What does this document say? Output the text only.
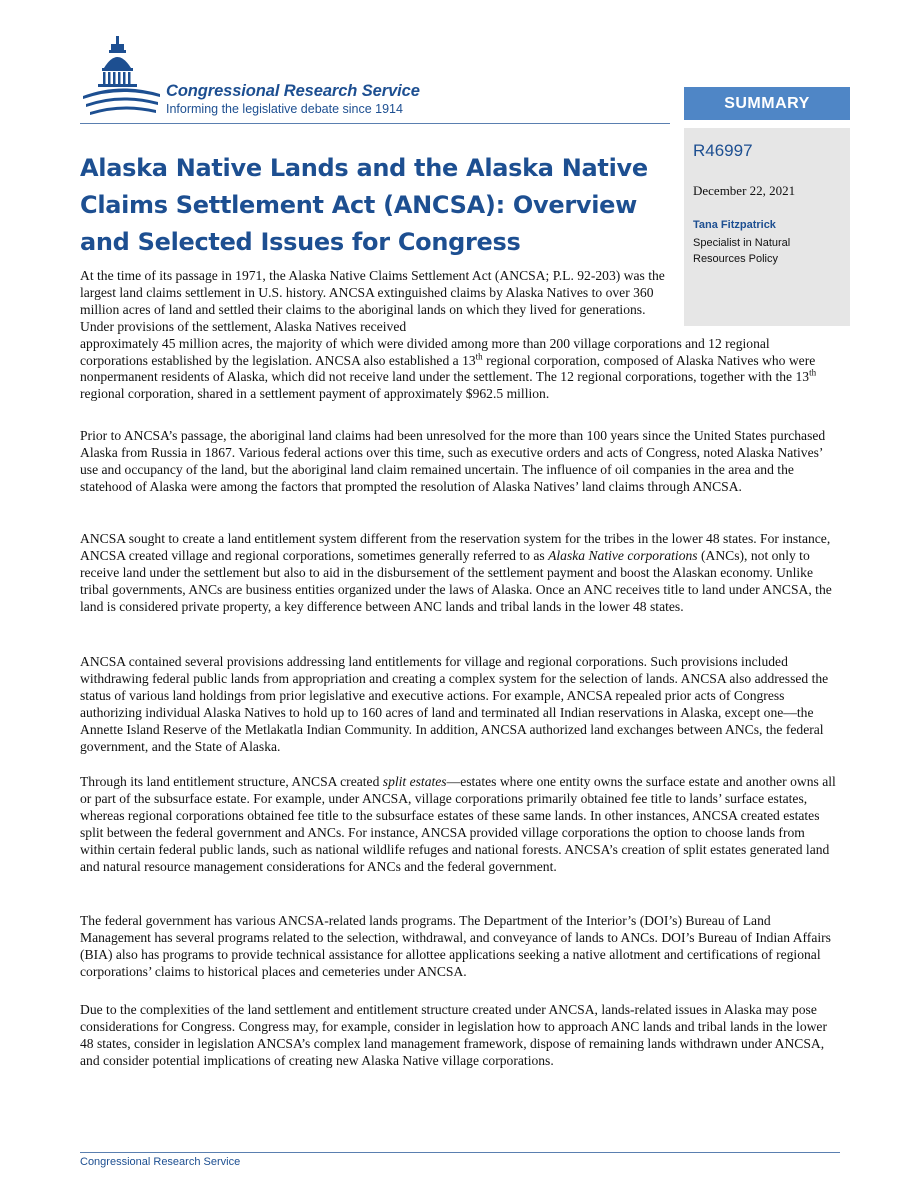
Congressional Research Service
Informing the legislative debate since 1914	SUMMARY
R46997
December 22, 2021
Tana Fitzpatrick
Specialist in Natural Resources Policy
Alaska Native Lands and the Alaska Native Claims Settlement Act (ANCSA): Overview and Selected Issues for Congress

At the time of its passage in 1971, the Alaska Native Claims Settlement Act (ANCSA; P.L. 92-203) was the largest land claims settlement in U.S. history. ANCSA extinguished claims by Alaska Natives to over 360 million acres of land and settled their claims to the aboriginal lands on which they lived for generations. Under provisions of the settlement, Alaska Natives received
approximately 45 million acres, the majority of which were divided among more than 200 village corporations and 12 regional corporations established by the legislation. ANCSA also established a 13th regional corporation, composed of Alaska Natives who were nonpermanent residents of Alaska, which did not receive land under the settlement. The 12 regional corporations, together with the 13th regional corporation, shared in a settlement payment of approximately $962.5 million.

Prior to ANCSA’s passage, the aboriginal land claims had been unresolved for the more than 100 years since the United States purchased Alaska from Russia in 1867. Various federal actions over this time, such as executive orders and acts of Congress, noted Alaska Natives’ use and occupancy of the land, but the aboriginal land claim remained uncertain. The influence of oil companies in the area and the statehood of Alaska were among the factors that prompted the resolution of Alaska Natives’ land claims through ANCSA.

ANCSA sought to create a land entitlement system different from the reservation system for the tribes in the lower 48 states. For instance, ANCSA created village and regional corporations, sometimes generally referred to as Alaska Native corporations (ANCs), not only to receive land under the settlement but also to aid in the disbursement of the settlement payment and boost the Alaskan economy. Unlike tribal governments, ANCs are business entities organized under the laws of Alaska. Once an ANC receives title to land under ANCSA, the land is considered private property, a key difference between ANC lands and tribal lands in the lower 48 states.

ANCSA contained several provisions addressing land entitlements for village and regional corporations. Such provisions included withdrawing federal public lands from appropriation and creating a complex system for the selection of lands. ANCSA also addressed the status of various land holdings from prior legislative and executive actions. For example, ANCSA repealed prior acts of Congress authorizing individual Alaska Natives to hold up to 160 acres of land and terminated all Indian reservations in Alaska, except one—the Annette Island Reserve of the Metlakatla Indian Community. In addition, ANCSA authorized land exchanges between ANCs, the federal government, and the State of Alaska.

Through its land entitlement structure, ANCSA created split estates—estates where one entity owns the surface estate and another owns all or part of the subsurface estate. For example, under ANCSA, village corporations primarily obtained fee title to lands’ surface estates, whereas regional corporations obtained fee title to the subsurface estates of these same lands. In other instances, ANCSA created estates split between the federal government and ANCs. For instance, ANCSA provided village corporations the option to choose lands from within certain federal public lands, such as national wildlife refuges and national forests. ANCSA’s creation of split estates generated land and natural resource management considerations for ANCs and the federal government.

The federal government has various ANCSA-related lands programs. The Department of the Interior’s (DOI’s) Bureau of Land Management has several programs related to the selection, withdrawal, and conveyance of lands to ANCs. DOI’s Bureau of Indian Affairs (BIA) also has programs to provide technical assistance for allottee applications seeking a native allotment and certifications of regional corporations’ claims to historical places and cemeteries under ANCSA.

Due to the complexities of the land settlement and entitlement structure created under ANCSA, lands-related issues in Alaska may pose considerations for Congress. Congress may, for example, consider in legislation how to approach ANC lands and tribal lands in the lower 48 states, consider in legislation ANCSA’s complex land management framework, dispose of remaining lands withdrawn under ANCSA, and consider potential implications of creating new Alaska Native village corporations.

Congressional Research Service
